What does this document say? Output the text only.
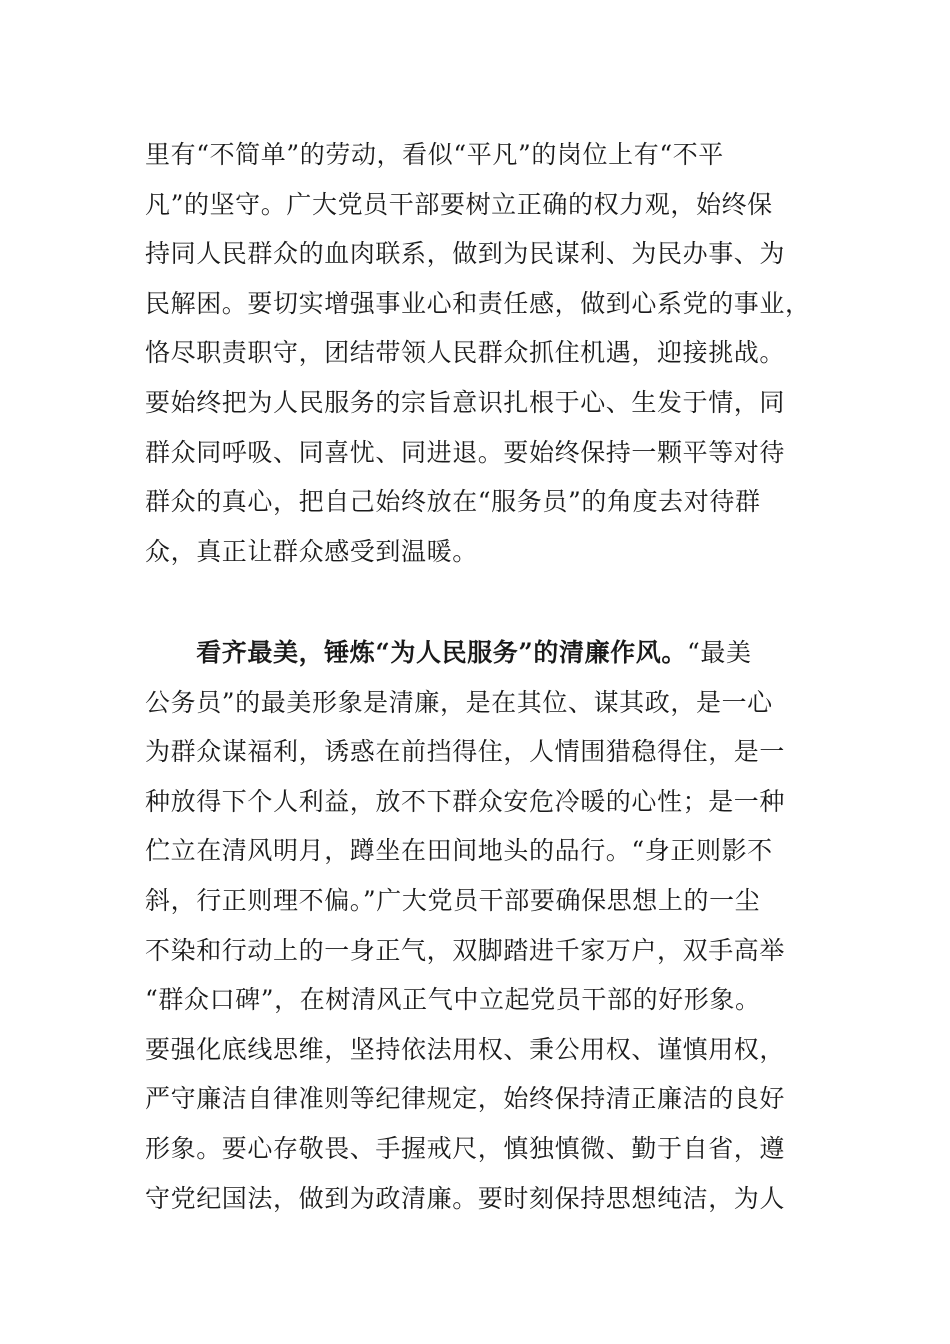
里有“不简单”的劳动，看似“平凡”的岗位上有“不平
凡”的坚守。广大党员干部要树立正确的权力观，始终保
持同人民群众的血肉联系，做到为民谋利、为民办事、为
民解困。要切实增强事业心和责任感，做到心系党的事业，
恪尽职责职守，团结带领人民群众抓住机遇，迎接挑战。
要始终把为人民服务的宗旨意识扎根于心、生发于情，同
群众同呼吸、同喜忧、同进退。要始终保持一颗平等对待
群众的真心，把自己始终放在“服务员”的角度去对待群
众，真正让群众感受到温暖。
　　看齐最美，锤炼“为人民服务”的清廉作风。“最美
公务员”的最美形象是清廉，是在其位、谋其政，是一心
为群众谋福利，诱惑在前挡得住，人情围猎稳得住，是一
种放得下个人利益，放不下群众安危冷暖的心性；是一种
伫立在清风明月，蹲坐在田间地头的品行。“身正则影不
斜，行正则理不偏。”广大党员干部要确保思想上的一尘
不染和行动上的一身正气，双脚踏进千家万户，双手高举
“群众口碑”，在树清风正气中立起党员干部的好形象。
要强化底线思维，坚持依法用权、秉公用权、谨慎用权，
严守廉洁自律准则等纪律规定，始终保持清正廉洁的良好
形象。要心存敬畏、手握戒尺，慎独慎微、勤于自省，遵
守党纪国法，做到为政清廉。要时刻保持思想纯洁，为人
